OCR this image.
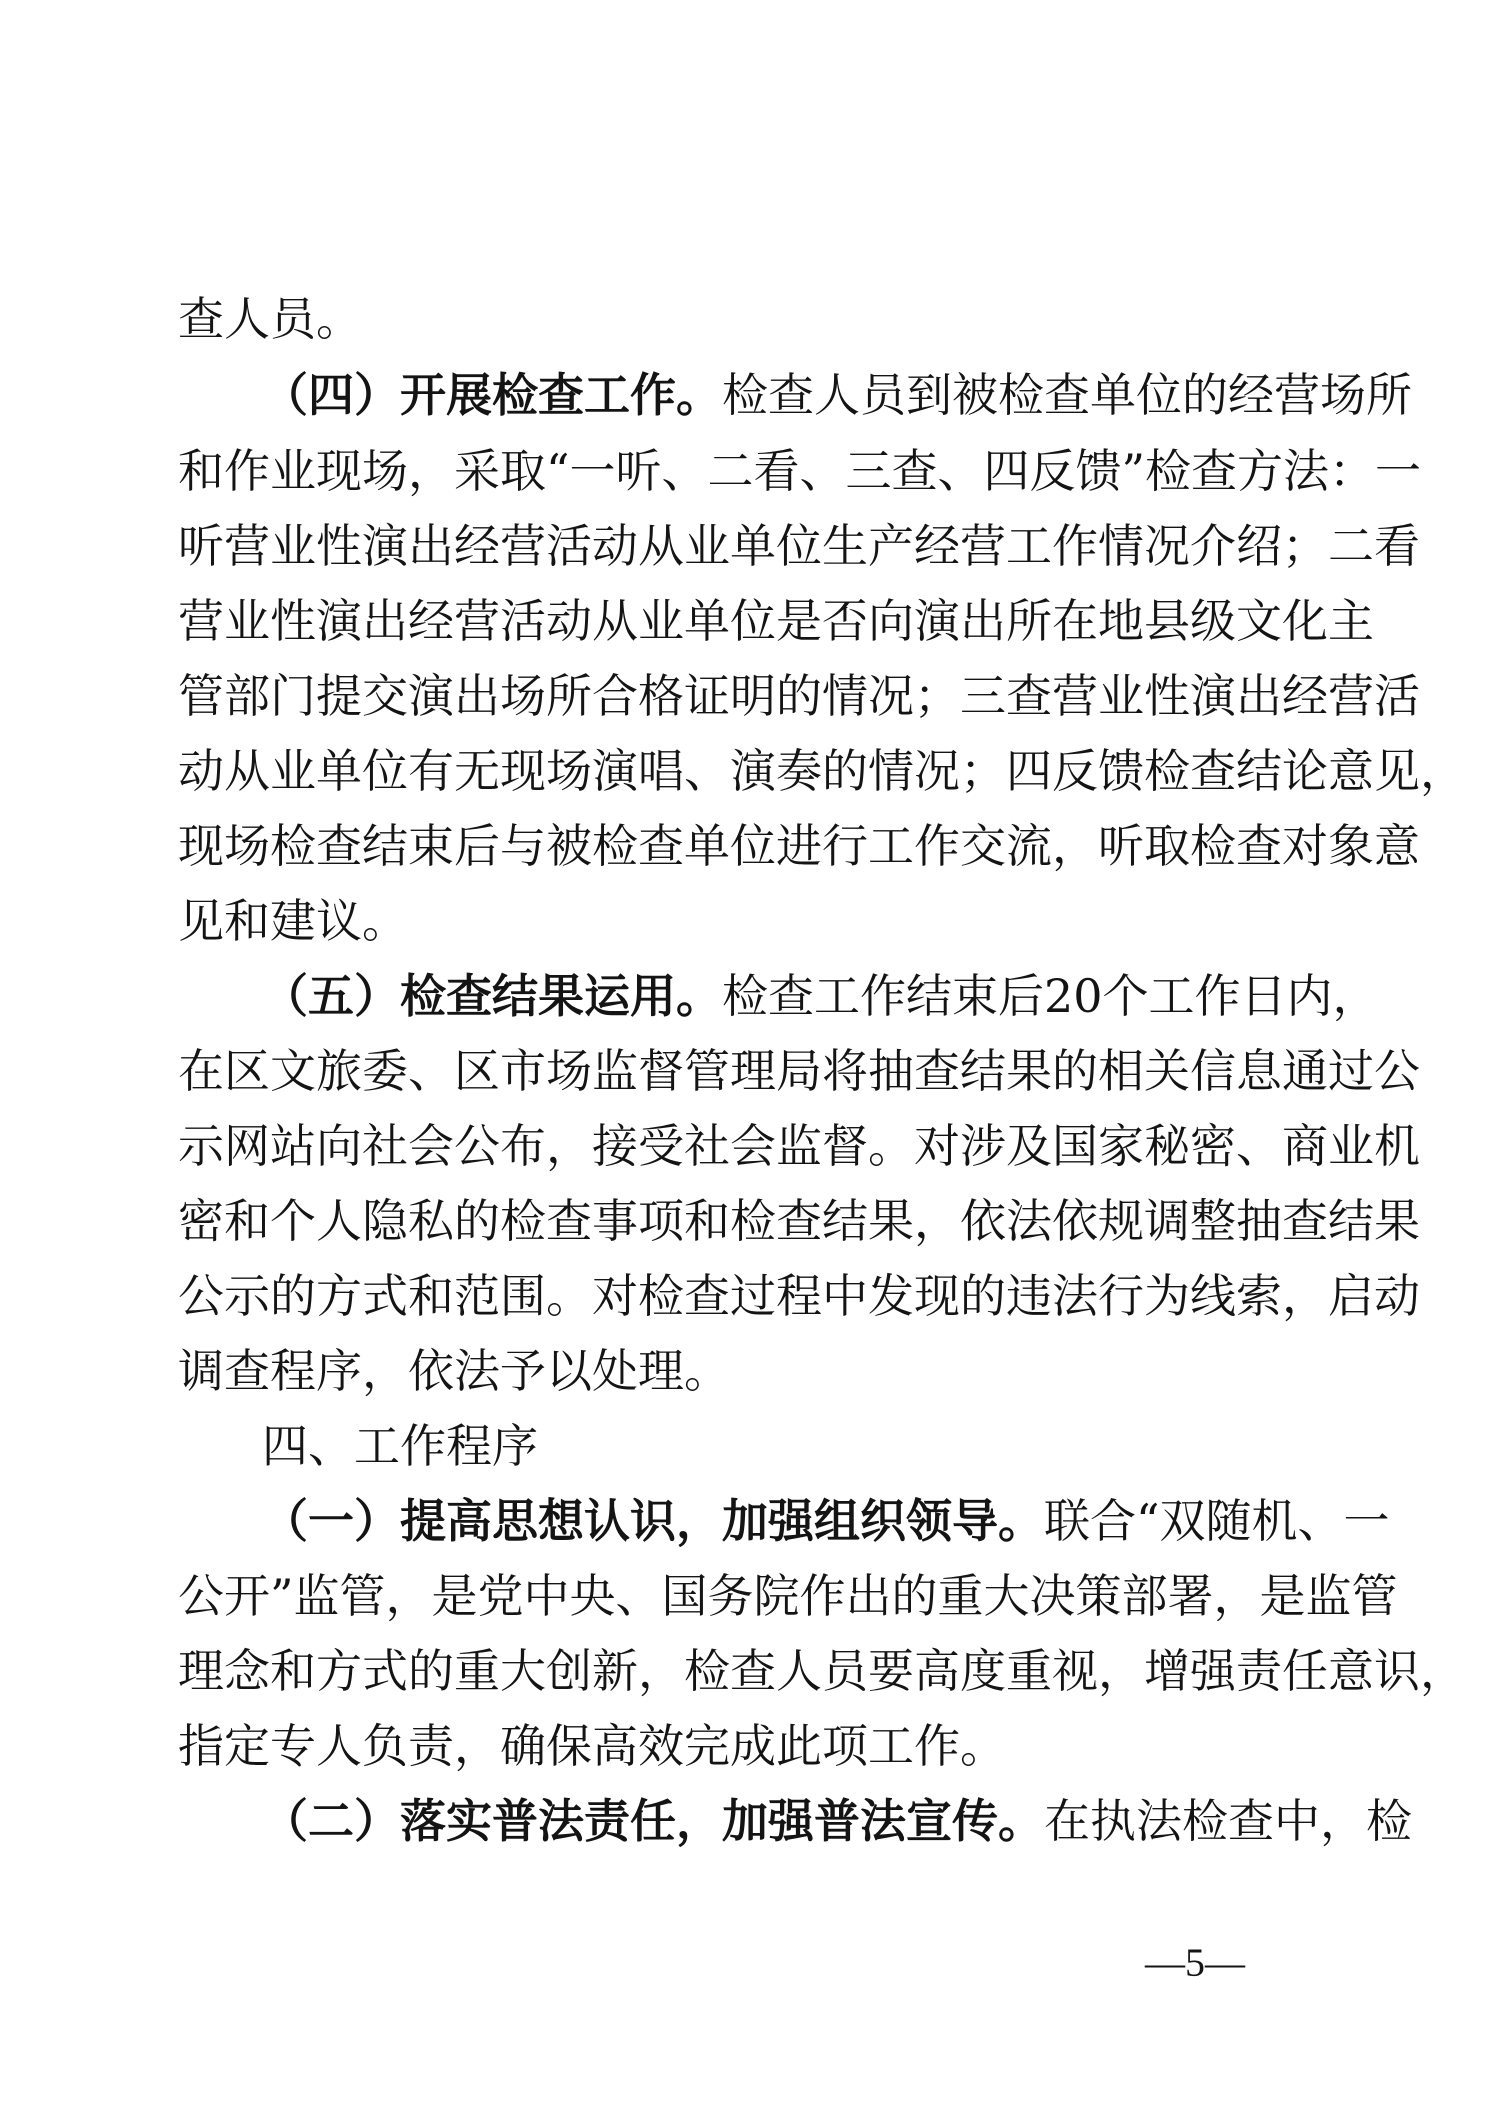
查人员。

（四）开展检查工作。检查人员到被检查单位的经营场所

和作业现场，采取“一听、二看、三查、四反馈”检查方法：一

听营业性演出经营活动从业单位生产经营工作情况介绍；二看

营业性演出经营活动从业单位是否向演出所在地县级文化主

管部门提交演出场所合格证明的情况；三查营业性演出经营活

动从业单位有无现场演唱、演奏的情况；四反馈检查结论意见，

现场检查结束后与被检查单位进行工作交流，听取检查对象意

见和建议。

（五）检查结果运用。检查工作结束后20个工作日内，

在区文旅委、区市场监督管理局将抽查结果的相关信息通过公

示网站向社会公布，接受社会监督。对涉及国家秘密、商业机

密和个人隐私的检查事项和检查结果，依法依规调整抽查结果

公示的方式和范围。对检查过程中发现的违法行为线索，启动

调查程序，依法予以处理。

四、工作程序

（一）提高思想认识，加强组织领导。联合“双随机、一

公开”监管，是党中央、国务院作出的重大决策部署，是监管

理念和方式的重大创新，检查人员要高度重视，增强责任意识，

指定专人负责，确保高效完成此项工作。

（二）落实普法责任，加强普法宣传。在执法检查中，检

—5—
